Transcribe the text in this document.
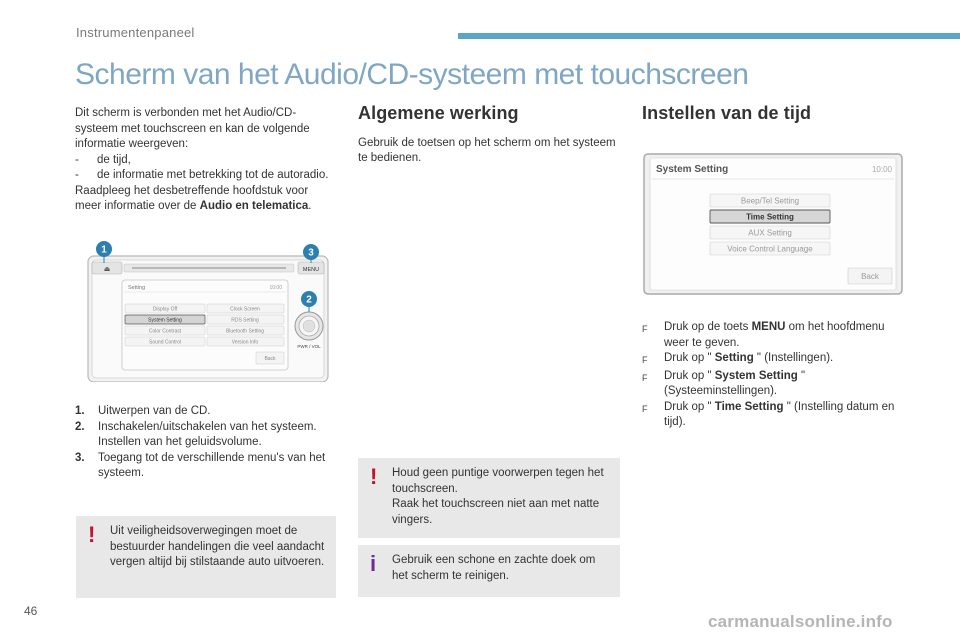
Instrumentenpaneel
Scherm van het Audio/CD-systeem met touchscreen
Dit scherm is verbonden met het Audio/CD-systeem met touchscreen en kan de volgende informatie weergeven:
-	de tijd,
-	de informatie met betrekking tot de autoradio.
Raadpleeg het desbetreffende hoofdstuk voor meer informatie over de Audio en telematica.
⏏	MENU
Setting	10:00
Display Off	Clock Screen
System Setting	RDS Setting
Color Contrast	Bluetooth Setting
Sound Control	Version Info
Back
PWR / VOL
1	3
2
1.	Uitwerpen van de CD.
2.	Inschakelen/uitschakelen van het systeem. Instellen van het geluidsvolume.
3.	Toegang tot de verschillende menu's van het systeem.
! Uit veiligheidsoverwegingen moet de bestuurder handelingen die veel aandacht vergen altijd bij stilstaande auto uitvoeren.
Algemene werking
Gebruik de toetsen op het scherm om het systeem te bedienen.
! Houd geen puntige voorwerpen tegen het touchscreen.
Raak het touchscreen niet aan met natte vingers.
i Gebruik een schone en zachte doek om het scherm te reinigen.
Instellen van de tijd
System Setting	10:00
Beep/Tel Setting
Time Setting
AUX Setting
Voice Control Language
Back
F	Druk op de toets MENU om het hoofdmenu weer te geven.
F	Druk op " Setting " (Instellingen).
F	Druk op " System Setting " (Systeeminstellingen).
F	Druk op " Time Setting " (Instelling datum en tijd).
46
carmanualsonline.info
